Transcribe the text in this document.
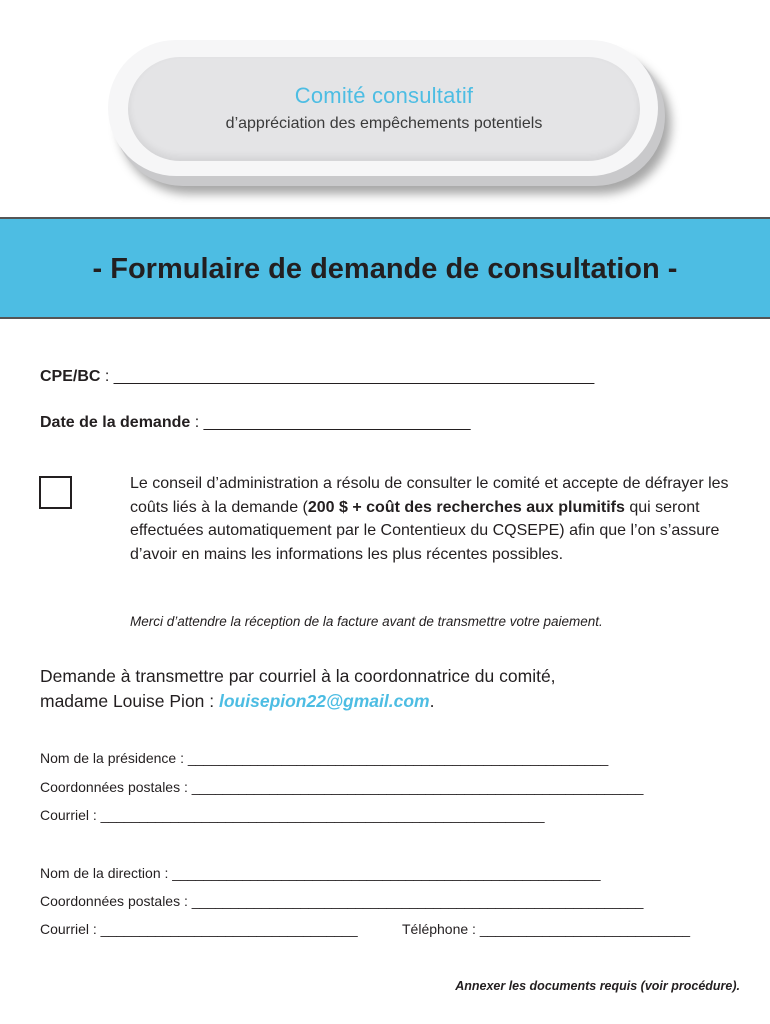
Comité consultatif
d’appréciation des empêchements potentiels
- Formulaire de demande de consultation -
CPE/BC : ______________________________________________________
Date de la demande : ______________________________
Le conseil d’administration a résolu de consulter le comité et accepte de défrayer les coûts liés à la demande (200 $ + coût des recherches aux plumitifs qui seront effectuées automatiquement par le Contentieux du CQSEPE) afin que l’on s’assure d’avoir en mains les informations les plus récentes possibles.
Merci d’attendre la réception de la facture avant de transmettre votre paiement.
Demande à transmettre par courriel à la coordonnatrice du comité,
madame Louise Pion : louisepion22@gmail.com.
Nom de la présidence : ______________________________________________________
Coordonnées postales : __________________________________________________________
Courriel : _________________________________________________________
Nom de la direction : _______________________________________________________
Coordonnées postales : __________________________________________________________
Courriel : _________________________________	Téléphone : ___________________________
Annexer les documents requis (voir procédure).
